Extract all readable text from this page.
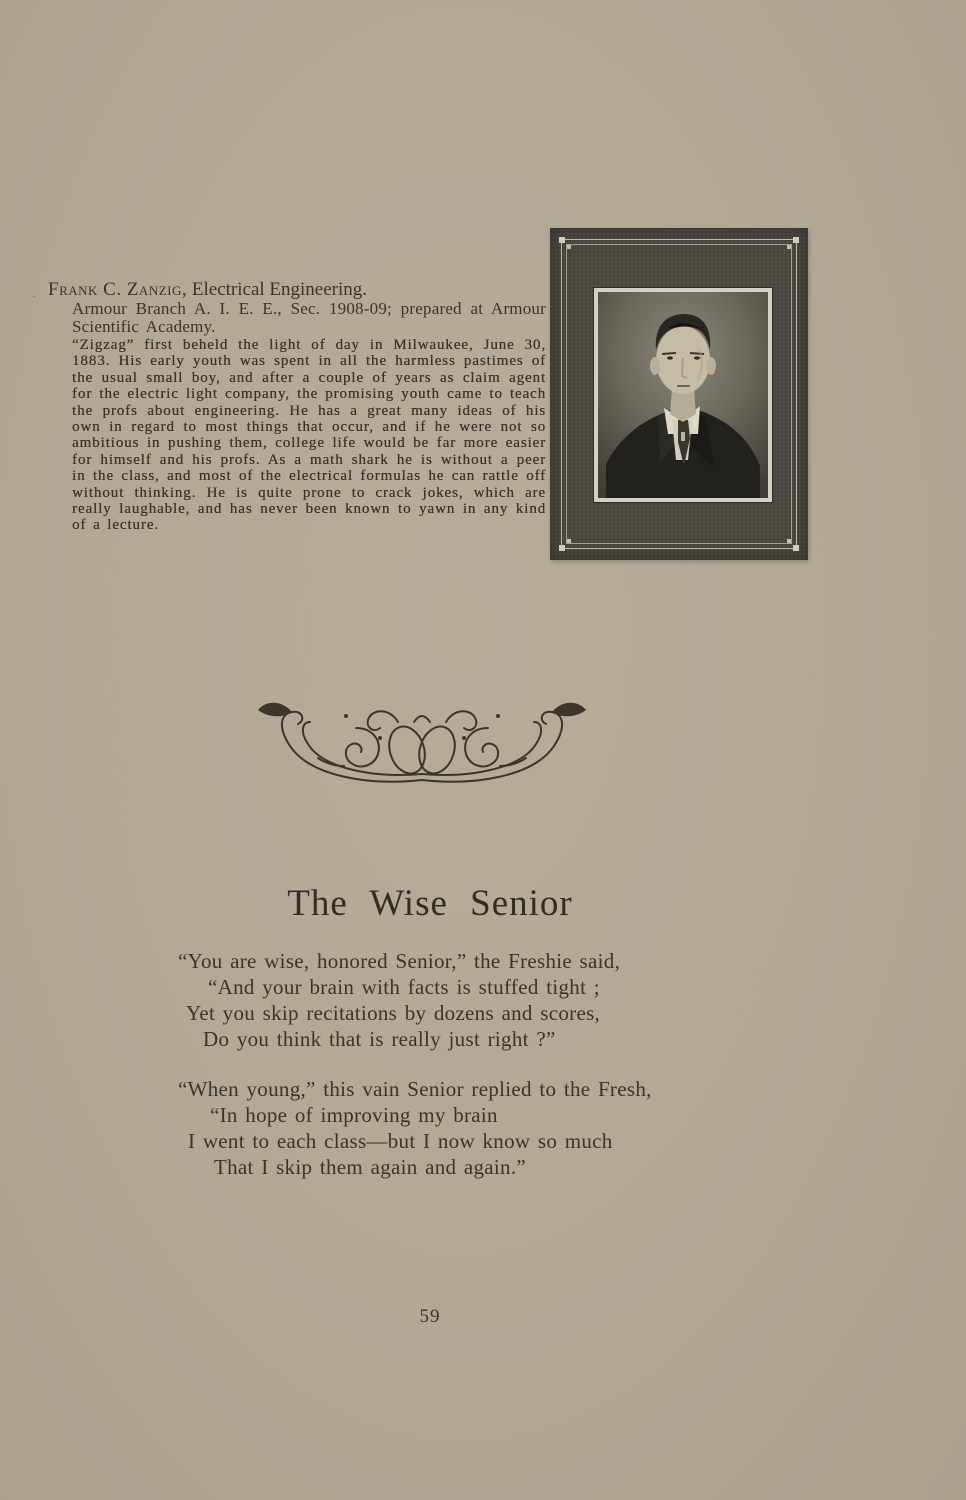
· Frank C. Zanzig, Electrical Engineering.
Armour Branch A. I. E. E., Sec. 1908-09; prepared at Armour Scientific Academy.
“Zigzag” first beheld the light of day in Milwaukee, June 30, 1883. His early youth was spent in all the harmless pastimes of the usual small boy, and after a couple of years as claim agent for the electric light company, the promising youth came to teach the profs about engineering. He has a great many ideas of his own in regard to most things that occur, and if he were not so ambitious in pushing them, college life would be far more easier for himself and his profs. As a math shark he is without a peer in the class, and most of the electrical formulas he can rattle off without thinking. He is quite prone to crack jokes, which are really laughable, and has never been known to yawn in any kind of a lecture.
The Wise Senior
“You are wise, honored Senior,” the Freshie said,
“And your brain with facts is stuffed tight ;
Yet you skip recitations by dozens and scores,
Do you think that is really just right ?”
“When young,” this vain Senior replied to the Fresh,
“In hope of improving my brain
I went to each class—but I now know so much
That I skip them again and again.”
59
